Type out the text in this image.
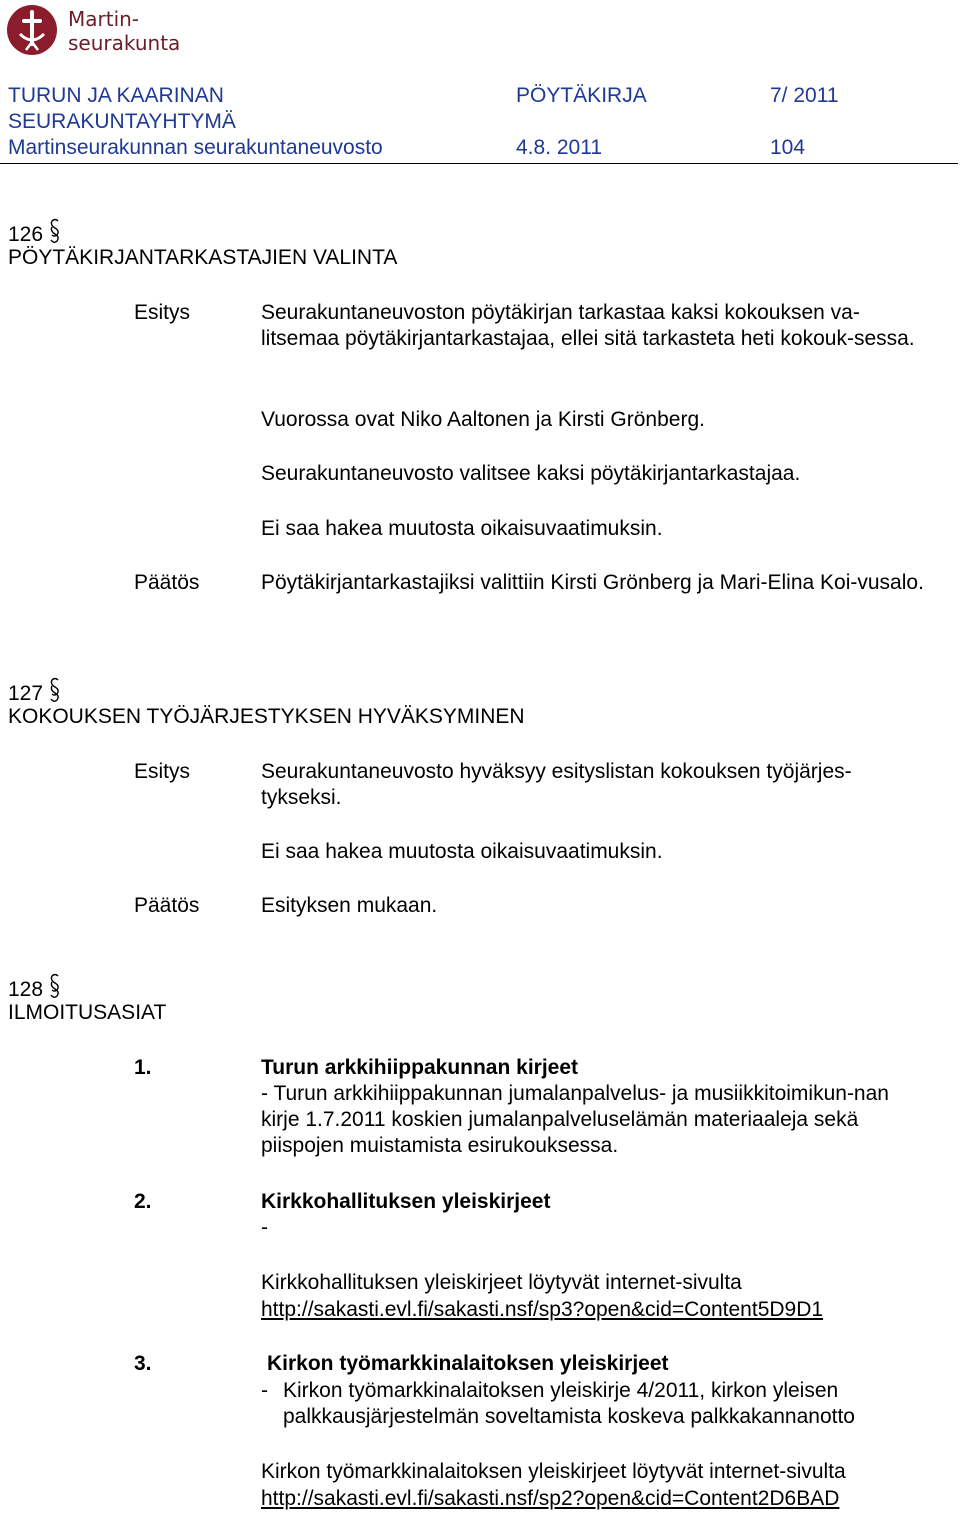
Martin-
seurakunta
TURUN JA KAARINAN
SEURAKUNTAYHTYMÄ
Martinseurakunnan seurakuntaneuvosto
PÖYTÄKIRJA	7/ 2011
4.8. 2011	104
126
PÖYTÄKIRJANTARKASTAJIEN VALINTA
Esitys	Seurakuntaneuvoston pöytäkirjan tarkastaa kaksi kokouksen va-litsemaa pöytäkirjantarkastajaa, ellei sitä tarkasteta heti kokouk-sessa.
Vuorossa ovat Niko Aaltonen ja Kirsti Grönberg.
Seurakuntaneuvosto valitsee kaksi pöytäkirjantarkastajaa.
Ei saa hakea muutosta oikaisuvaatimuksin.
Päätös	Pöytäkirjantarkastajiksi valittiin Kirsti Grönberg ja Mari-Elina Koi-vusalo.
127
KOKOUKSEN TYÖJÄRJESTYKSEN HYVÄKSYMINEN
Esitys	Seurakuntaneuvosto hyväksyy esityslistan kokouksen työjärjes-tykseksi.
Ei saa hakea muutosta oikaisuvaatimuksin.
Päätös	Esityksen mukaan.
128
ILMOITUSASIAT
1.	Turun arkkihiippakunnan kirjeet
- Turun arkkihiippakunnan jumalanpalvelus- ja musiikkitoimikun-nan kirje 1.7.2011 koskien jumalanpalveluselämän materiaaleja sekä piispojen muistamista esirukouksessa.
2.	Kirkkohallituksen yleiskirjeet
-
Kirkkohallituksen yleiskirjeet löytyvät internet-sivulta
http://sakasti.evl.fi/sakasti.nsf/sp3?open&cid=Content5D9D1
3.	Kirkon työmarkkinalaitoksen yleiskirjeet
- Kirkon työmarkkinalaitoksen yleiskirje 4/2011, kirkon yleisen palkkausjärjestelmän soveltamista koskeva palkkakannanotto
Kirkon työmarkkinalaitoksen yleiskirjeet löytyvät internet-sivulta
http://sakasti.evl.fi/sakasti.nsf/sp2?open&cid=Content2D6BAD
